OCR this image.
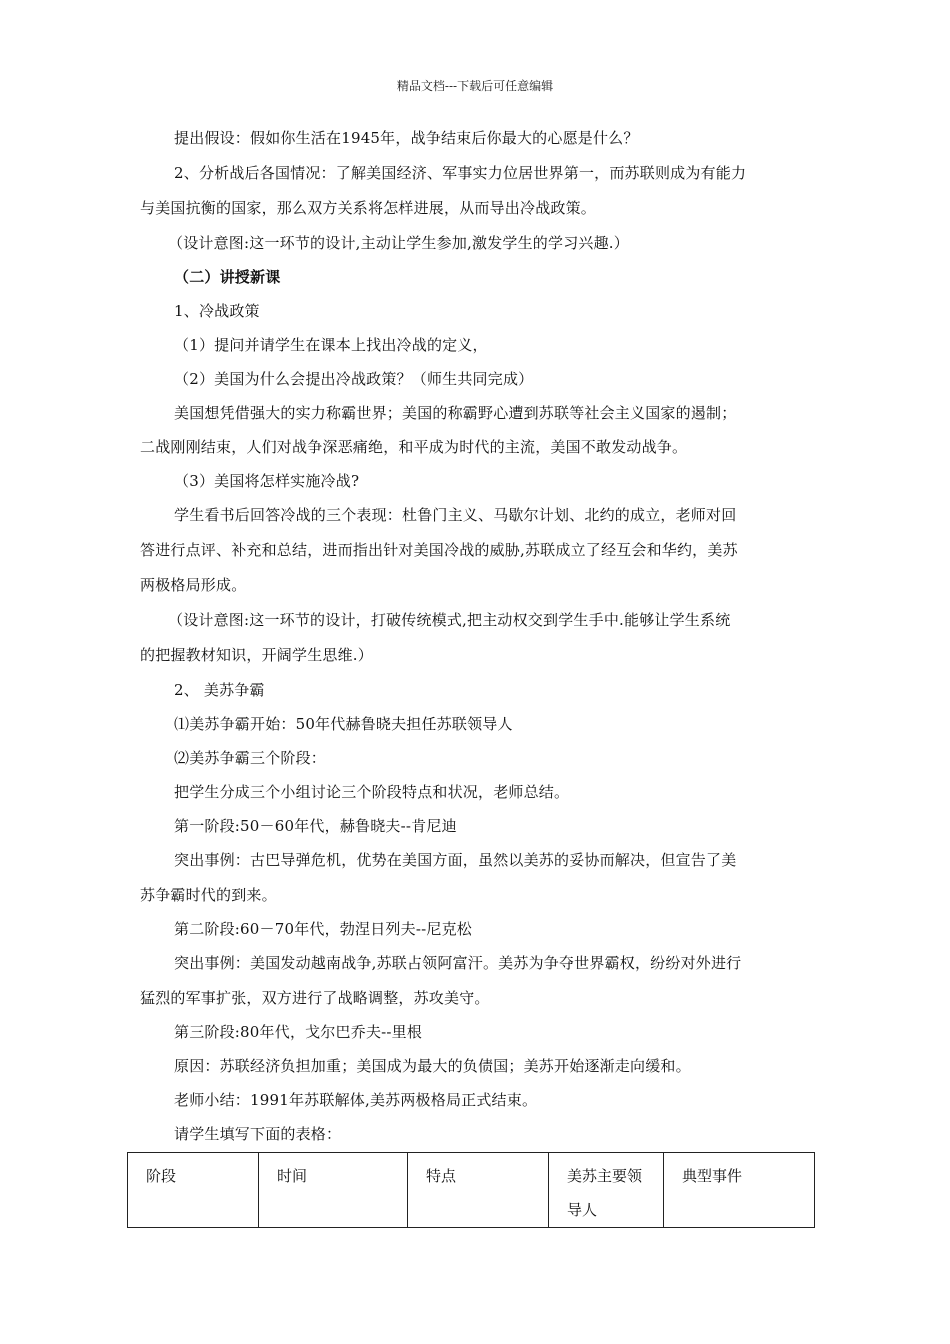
精品文档---下载后可任意编辑
提出假设：假如你生活在1945年，战争结束后你最大的心愿是什么？
2、分析战后各国情况：了解美国经济、军事实力位居世界第一，而苏联则成为有能力
与美国抗衡的国家，那么双方关系将怎样进展，从而导出冷战政策。
（设计意图:这一环节的设计,主动让学生参加,激发学生的学习兴趣.）
（二）讲授新课
1、冷战政策
（1）提问并请学生在课本上找出冷战的定义，
（2）美国为什么会提出冷战政策？（师生共同完成）
美国想凭借强大的实力称霸世界；美国的称霸野心遭到苏联等社会主义国家的遏制；
二战刚刚结束，人们对战争深恶痛绝，和平成为时代的主流，美国不敢发动战争。
（3）美国将怎样实施冷战?
学生看书后回答冷战的三个表现：杜鲁门主义、马歇尔计划、北约的成立，老师对回
答进行点评、补充和总结，进而指出针对美国冷战的威胁,苏联成立了经互会和华约，美苏
两极格局形成。
（设计意图:这一环节的设计，打破传统模式,把主动权交到学生手中.能够让学生系统
的把握教材知识，开阔学生思维.）
2、 美苏争霸
⑴美苏争霸开始：50年代赫鲁晓夫担任苏联领导人
⑵美苏争霸三个阶段：
把学生分成三个小组讨论三个阶段特点和状况，老师总结。
第一阶段:50－60年代，赫鲁晓夫--肯尼迪
突出事例：古巴导弹危机，优势在美国方面，虽然以美苏的妥协而解决，但宣告了美
苏争霸时代的到来。
第二阶段:60－70年代，勃涅日列夫--尼克松
突出事例：美国发动越南战争,苏联占领阿富汗。美苏为争夺世界霸权，纷纷对外进行
猛烈的军事扩张，双方进行了战略调整，苏攻美守。
第三阶段:80年代，戈尔巴乔夫--里根
原因：苏联经济负担加重；美国成为最大的负债国；美苏开始逐渐走向缓和。
老师小结：1991年苏联解体,美苏两极格局正式结束。
请学生填写下面的表格：
阶段	时间	特点	美苏主要领导人	典型事件
